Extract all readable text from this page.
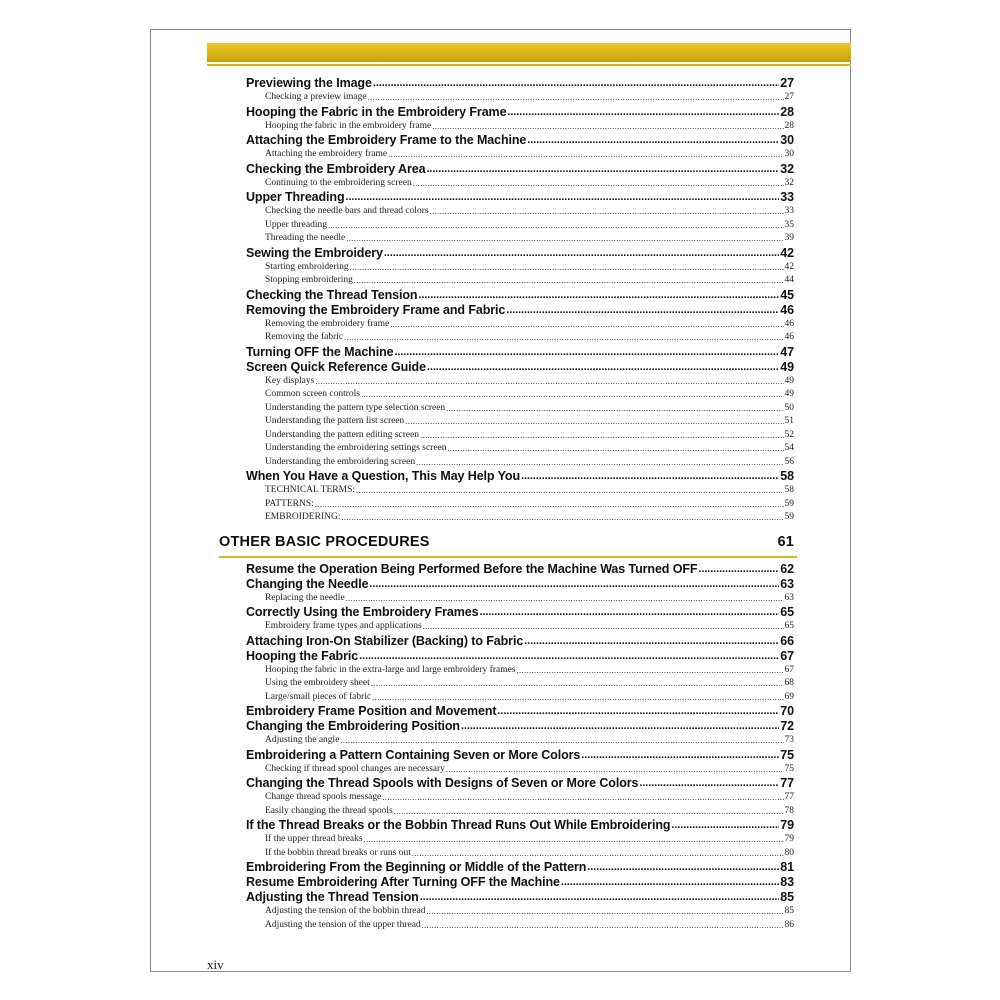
Previewing the Image .....	27
Checking a preview image .....	27
Hooping the Fabric in the Embroidery Frame .....	28
Hooping the fabric in the embroidery frame .....	28
Attaching the Embroidery Frame to the Machine .....	30
Attaching the embroidery frame .....	30
Checking the Embroidery Area .....	32
Continuing to the embroidering screen .....	32
Upper Threading .....	33
Checking the needle bars and thread colors .....	33
Upper threading .....	35
Threading the needle .....	39
Sewing the Embroidery .....	42
Starting embroidering .....	42
Stopping embroidering .....	44
Checking the Thread Tension .....	45
Removing the Embroidery Frame and Fabric .....	46
Removing the embroidery frame .....	46
Removing the fabric .....	46
Turning OFF the Machine .....	47
Screen Quick Reference Guide .....	49
Key displays .....	49
Common screen controls .....	49
Understanding the pattern type selection screen .....	50
Understanding the pattern list screen .....	51
Understanding the pattern editing screen .....	52
Understanding the embroidering settings screen .....	54
Understanding the embroidering screen .....	56
When You Have a Question, This May Help You .....	58
TECHNICAL TERMS: .....	58
PATTERNS: .....	59
EMBROIDERING: .....	59
OTHER BASIC PROCEDURES	61
Resume the Operation Being Performed Before the Machine Was Turned OFF .....	62
Changing the Needle .....	63
Replacing the needle .....	63
Correctly Using the Embroidery Frames .....	65
Embroidery frame types and applications .....	65
Attaching Iron-On Stabilizer (Backing) to Fabric .....	66
Hooping the Fabric .....	67
Hooping the fabric in the extra-large and large embroidery frames .....	67
Using the embroidery sheet .....	68
Large/small pieces of fabric .....	69
Embroidery Frame Position and Movement .....	70
Changing the Embroidering Position .....	72
Adjusting the angle .....	73
Embroidering a Pattern Containing Seven or More Colors .....	75
Checking if thread spool changes are necessary .....	75
Changing the Thread Spools with Designs of Seven or More Colors .....	77
Change thread spools message .....	77
Easily changing the thread spools .....	78
If the Thread Breaks or the Bobbin Thread Runs Out While Embroidering .....	79
If the upper thread breaks .....	79
If the bobbin thread breaks or runs out .....	80
Embroidering From the Beginning or Middle of the Pattern .....	81
Resume Embroidering After Turning OFF the Machine .....	83
Adjusting the Thread Tension .....	85
Adjusting the tension of the bobbin thread .....	85
Adjusting the tension of the upper thread .....	86
xiv
